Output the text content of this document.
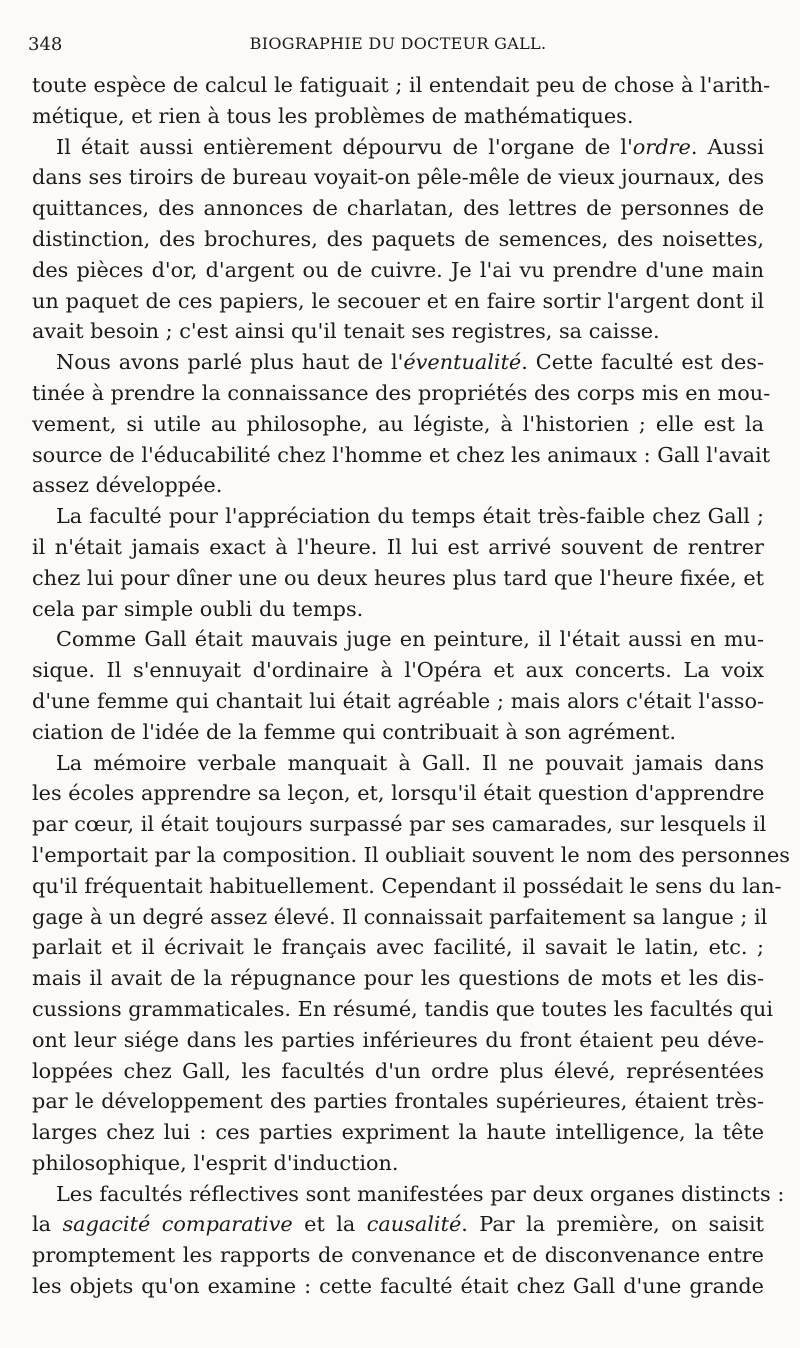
348	BIOGRAPHIE DU DOCTEUR GALL.

toute espèce de calcul le fatiguait ; il entendait peu de chose à l'arith-
métique, et rien à tous les problèmes de mathématiques.

Il était aussi entièrement dépourvu de l'organe de l'ordre. Aussi
dans ses tiroirs de bureau voyait-on pêle-mêle de vieux journaux, des
quittances, des annonces de charlatan, des lettres de personnes de
distinction, des brochures, des paquets de semences, des noisettes,
des pièces d'or, d'argent ou de cuivre. Je l'ai vu prendre d'une main
un paquet de ces papiers, le secouer et en faire sortir l'argent dont il
avait besoin ; c'est ainsi qu'il tenait ses registres, sa caisse.

Nous avons parlé plus haut de l'éventualité. Cette faculté est des-
tinée à prendre la connaissance des propriétés des corps mis en mou-
vement, si utile au philosophe, au légiste, à l'historien ; elle est la
source de l'éducabilité chez l'homme et chez les animaux : Gall l'avait
assez développée.

La faculté pour l'appréciation du temps était très-faible chez Gall ;
il n'était jamais exact à l'heure. Il lui est arrivé souvent de rentrer
chez lui pour dîner une ou deux heures plus tard que l'heure fixée, et
cela par simple oubli du temps.

Comme Gall était mauvais juge en peinture, il l'était aussi en mu-
sique. Il s'ennuyait d'ordinaire à l'Opéra et aux concerts. La voix
d'une femme qui chantait lui était agréable ; mais alors c'était l'asso-
ciation de l'idée de la femme qui contribuait à son agrément.

La mémoire verbale manquait à Gall. Il ne pouvait jamais dans
les écoles apprendre sa leçon, et, lorsqu'il était question d'apprendre
par cœur, il était toujours surpassé par ses camarades, sur lesquels il
l'emportait par la composition. Il oubliait souvent le nom des personnes
qu'il fréquentait habituellement. Cependant il possédait le sens du lan-
gage à un degré assez élevé. Il connaissait parfaitement sa langue ; il
parlait et il écrivait le français avec facilité, il savait le latin, etc. ;
mais il avait de la répugnance pour les questions de mots et les dis-
cussions grammaticales. En résumé, tandis que toutes les facultés qui
ont leur siége dans les parties inférieures du front étaient peu déve-
loppées chez Gall, les facultés d'un ordre plus élevé, représentées
par le développement des parties frontales supérieures, étaient très-
larges chez lui : ces parties expriment la haute intelligence, la tête
philosophique, l'esprit d'induction.

Les facultés réflectives sont manifestées par deux organes distincts :
la sagacité comparative et la causalité. Par la première, on saisit
promptement les rapports de convenance et de disconvenance entre
les objets qu'on examine : cette faculté était chez Gall d'une grande
